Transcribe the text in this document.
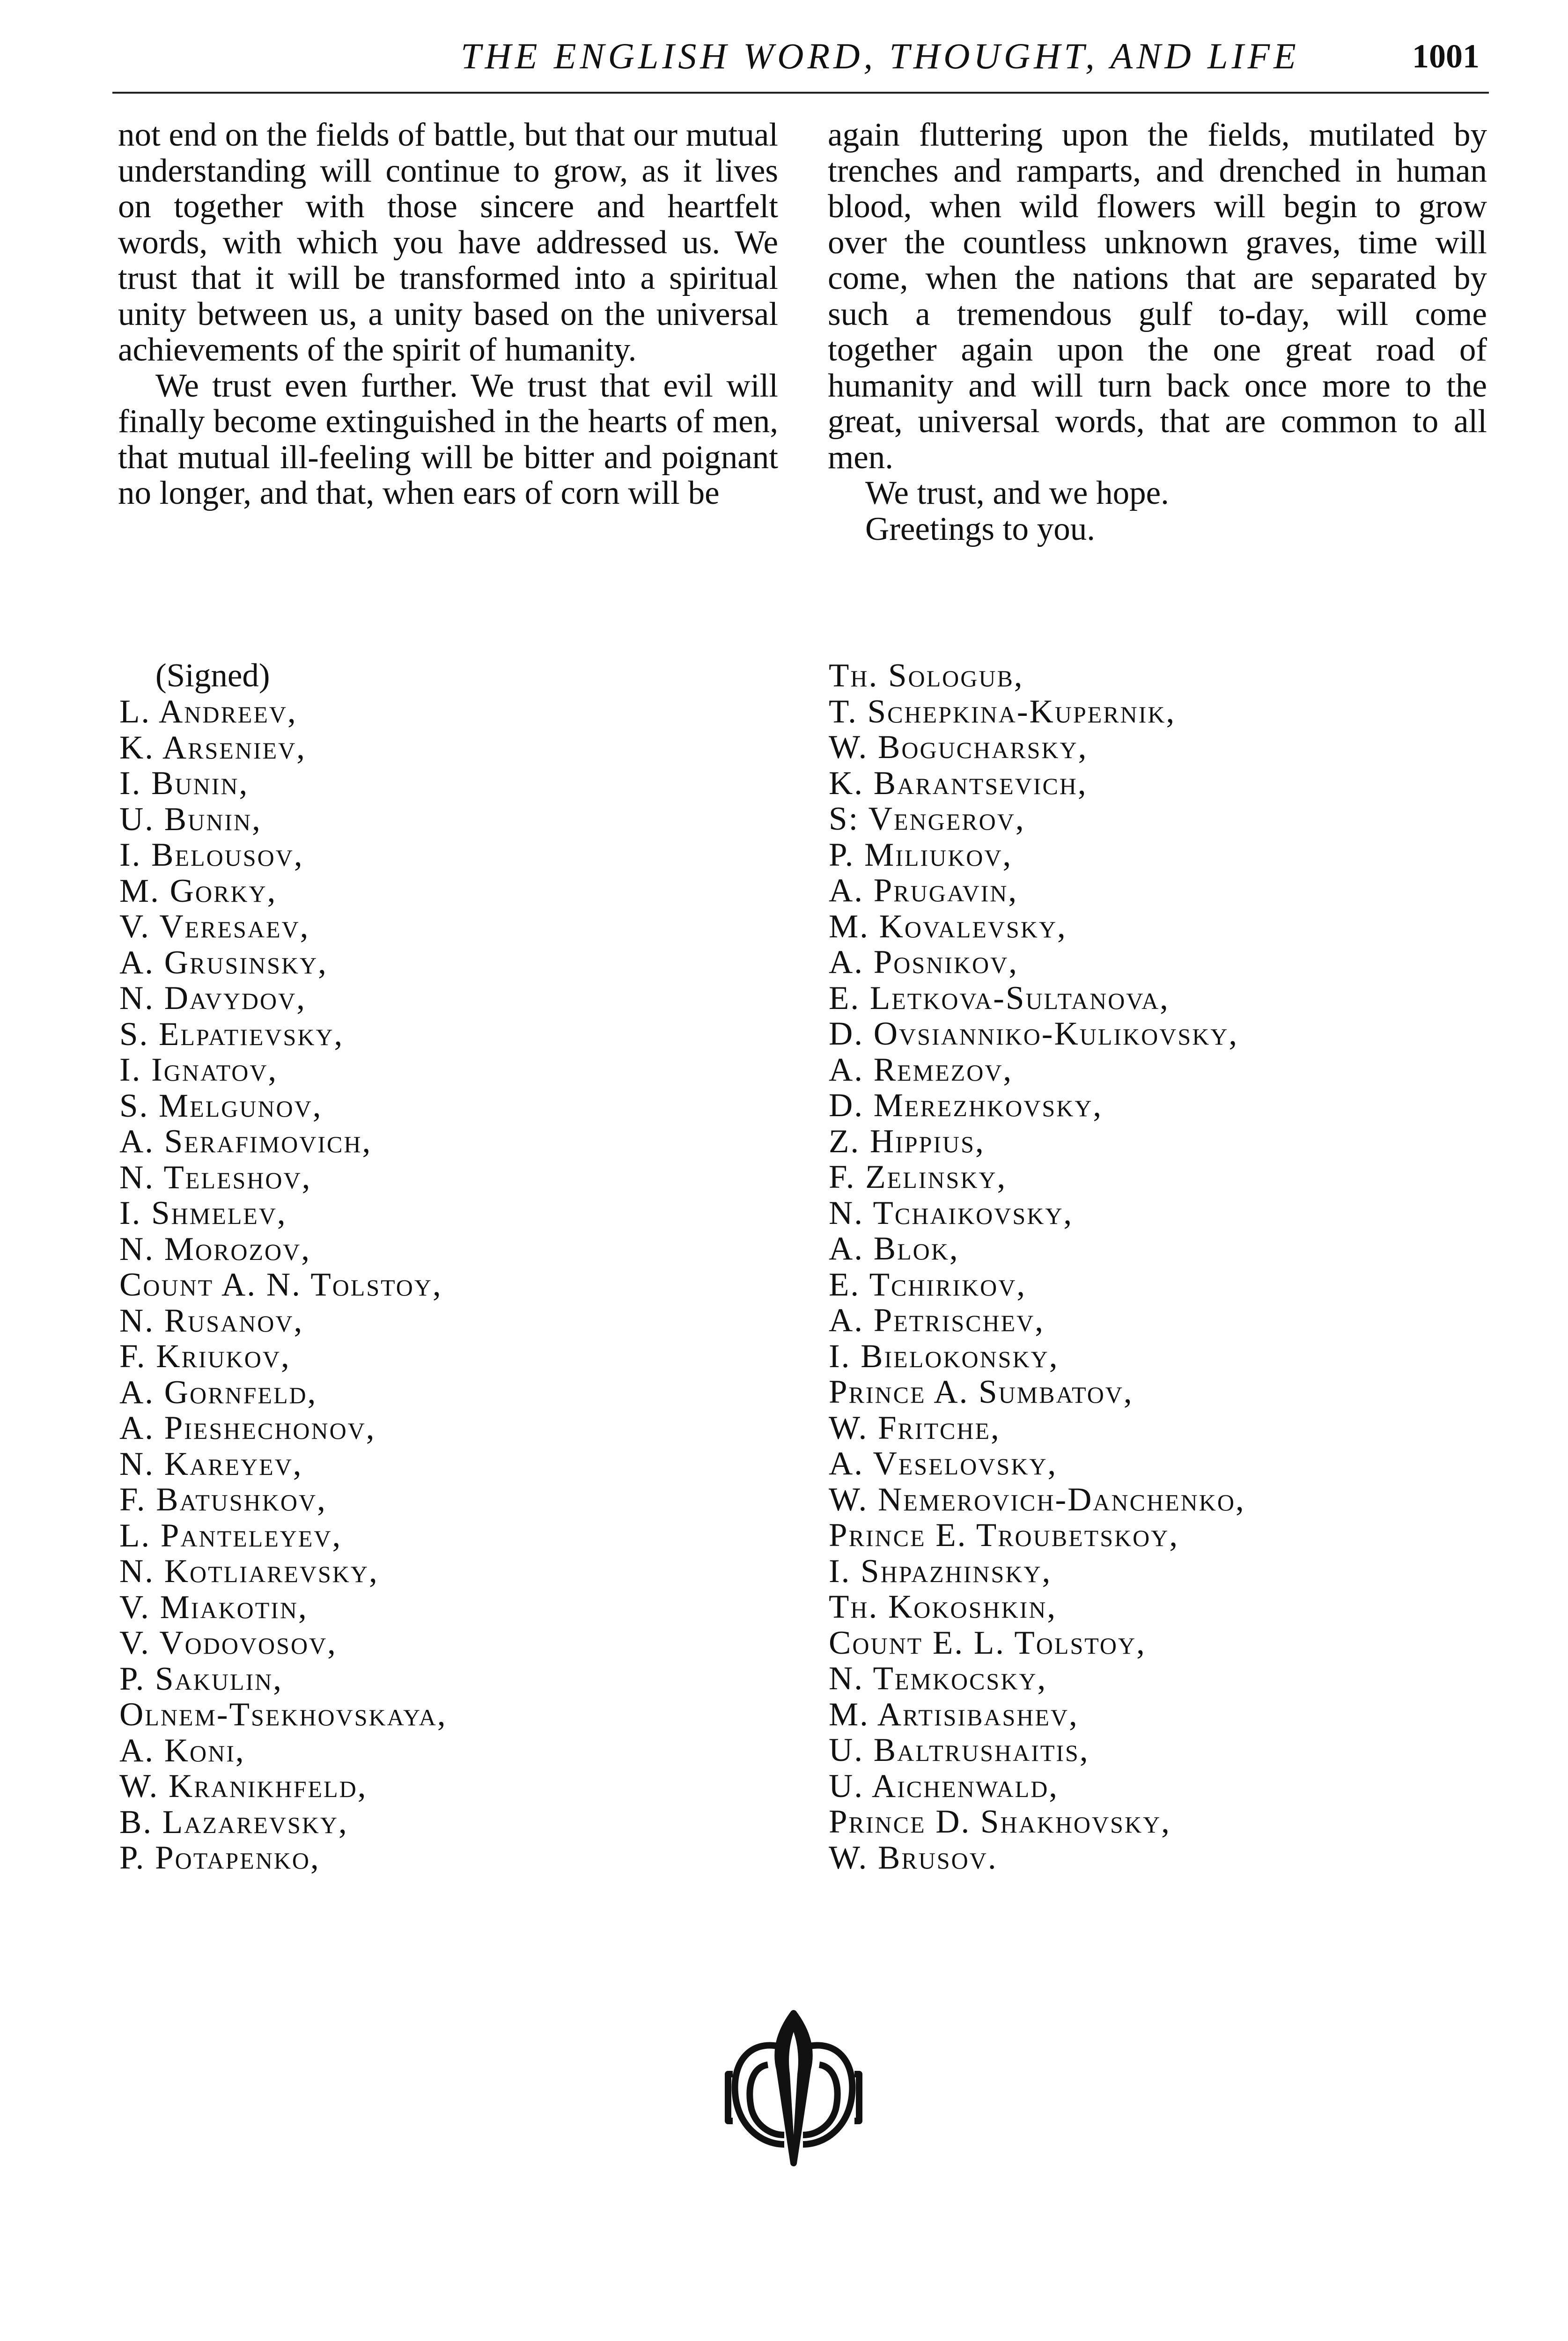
THE ENGLISH WORD, THOUGHT, AND LIFE	1001

not end on the fields of battle, but that our mutual understanding will continue to grow, as it lives on together with those sincere and heartfelt words, with which you have addressed us. We trust that it will be transformed into a spiritual unity between us, a unity based on the universal achievements of the spirit of humanity.

We trust even further. We trust that evil will finally become extinguished in the hearts of men, that mutual ill-feeling will be bitter and poignant no longer, and that, when ears of corn will be

again fluttering upon the fields, mutilated by trenches and ramparts, and drenched in human blood, when wild flowers will begin to grow over the countless unknown graves, time will come, when the nations that are separated by such a tremendous gulf to-day, will come together again upon the one great road of humanity and will turn back once more to the great, universal words, that are common to all men.

We trust, and we hope.

Greetings to you.

(Signed)
L. Andreev,
K. Arseniev,
I. Bunin,
U. Bunin,
I. Belousov,
M. Gorky,
V. Veresaev,
A. Grusinsky,
N. Davydov,
S. Elpatievsky,
I. Ignatov,
S. Melgunov,
A. Serafimovich,
N. Teleshov,
I. Shmelev,
N. Morozov,
Count A. N. Tolstoy,
N. Rusanov,
F. Kriukov,
A. Gornfeld,
A. Pieshechonov,
N. Kareyev,
F. Batushkov,
L. Panteleyev,
N. Kotliarevsky,
V. Miakotin,
V. Vodovosov,
P. Sakulin,
Olnem-Tsekhovskaya,
A. Koni,
W. Kranikhfeld,
B. Lazarevsky,
P. Potapenko,
Th. Sologub,
T. Schepkina-Kupernik,
W. Bogucharsky,
K. Barantsevich,
S: Vengerov,
P. Miliukov,
A. Prugavin,
M. Kovalevsky,
A. Posnikov,
E. Letkova-Sultanova,
D. Ovsianniko-Kulikovsky,
A. Remezov,
D. Merezhkovsky,
Z. Hippius,
F. Zelinsky,
N. Tchaikovsky,
A. Blok,
E. Tchirikov,
A. Petrischev,
I. Bielokonsky,
Prince A. Sumbatov,
W. Fritche,
A. Veselovsky,
W. Nemerovich-Danchenko,
Prince E. Troubetskoy,
I. Shpazhinsky,
Th. Kokoshkin,
Count E. L. Tolstoy,
N. Temkocsky,
M. Artisibashev,
U. Baltrushaitis,
U. Aichenwald,
Prince D. Shakhovsky,
W. Brusov.
